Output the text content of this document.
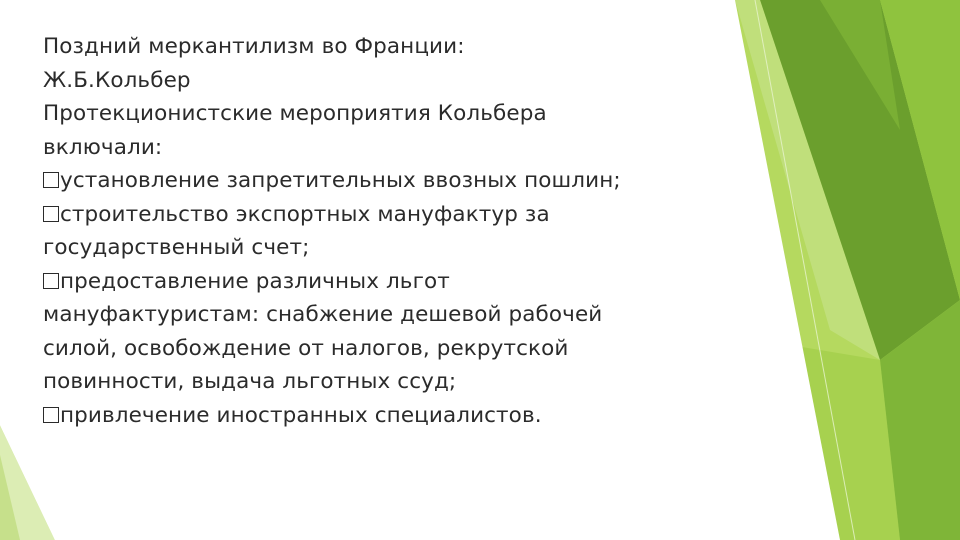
Поздний меркантилизм во Франции:
Ж.Б.Кольбер
Протекционистские мероприятия Кольбера
включали:
установление запретительных ввозных пошлин;
строительство экспортных мануфактур за
государственный счет;
предоставление различных льгот
мануфактуристам: снабжение дешевой рабочей
силой, освобождение от налогов, рекрутской
повинности, выдача льготных ссуд;
привлечение иностранных специалистов.
